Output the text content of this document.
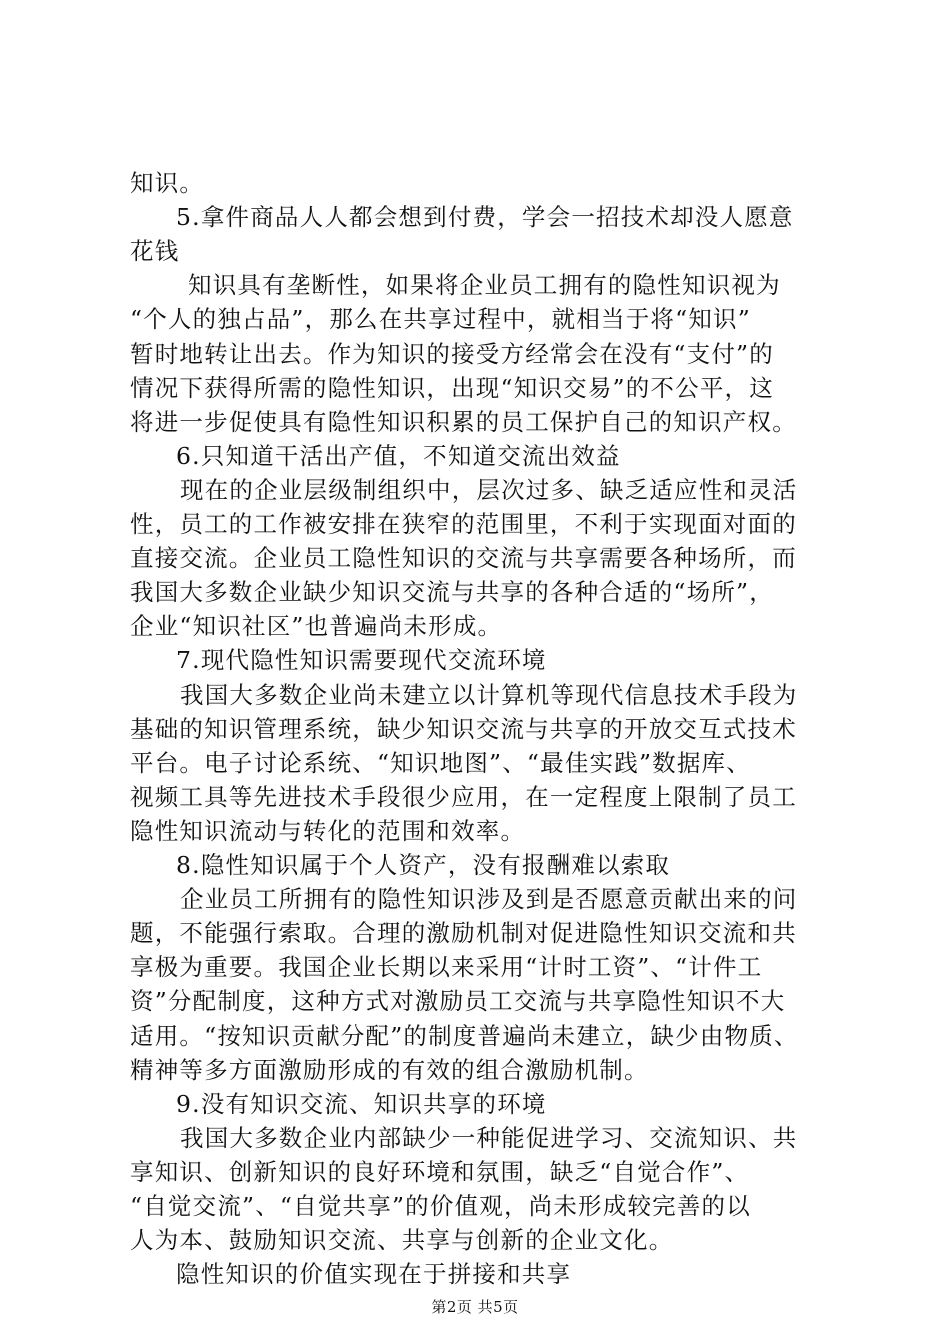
知识。
5.拿件商品人人都会想到付费，学会一招技术却没人愿意
花钱
知识具有垄断性，如果将企业员工拥有的隐性知识视为
“个人的独占品”，那么在共享过程中，就相当于将“知识”
暂时地转让出去。作为知识的接受方经常会在没有“支付”的
情况下获得所需的隐性知识，出现“知识交易”的不公平，这
将进一步促使具有隐性知识积累的员工保护自己的知识产权。
6.只知道干活出产值，不知道交流出效益
现在的企业层级制组织中，层次过多、缺乏适应性和灵活
性，员工的工作被安排在狭窄的范围里，不利于实现面对面的
直接交流。企业员工隐性知识的交流与共享需要各种场所，而
我国大多数企业缺少知识交流与共享的各种合适的“场所”，
企业“知识社区”也普遍尚未形成。
7.现代隐性知识需要现代交流环境
我国大多数企业尚未建立以计算机等现代信息技术手段为
基础的知识管理系统，缺少知识交流与共享的开放交互式技术
平台。电子讨论系统、“知识地图”、“最佳实践”数据库、
视频工具等先进技术手段很少应用，在一定程度上限制了员工
隐性知识流动与转化的范围和效率。
8.隐性知识属于个人资产，没有报酬难以索取
企业员工所拥有的隐性知识涉及到是否愿意贡献出来的问
题，不能强行索取。合理的激励机制对促进隐性知识交流和共
享极为重要。我国企业长期以来采用“计时工资”、“计件工
资”分配制度，这种方式对激励员工交流与共享隐性知识不大
适用。“按知识贡献分配”的制度普遍尚未建立，缺少由物质、
精神等多方面激励形成的有效的组合激励机制。
9.没有知识交流、知识共享的环境
我国大多数企业内部缺少一种能促进学习、交流知识、共
享知识、创新知识的良好环境和氛围，缺乏“自觉合作”、
“自觉交流”、“自觉共享”的价值观，尚未形成较完善的以
人为本、鼓励知识交流、共享与创新的企业文化。
隐性知识的价值实现在于拼接和共享
第2页 共5页
